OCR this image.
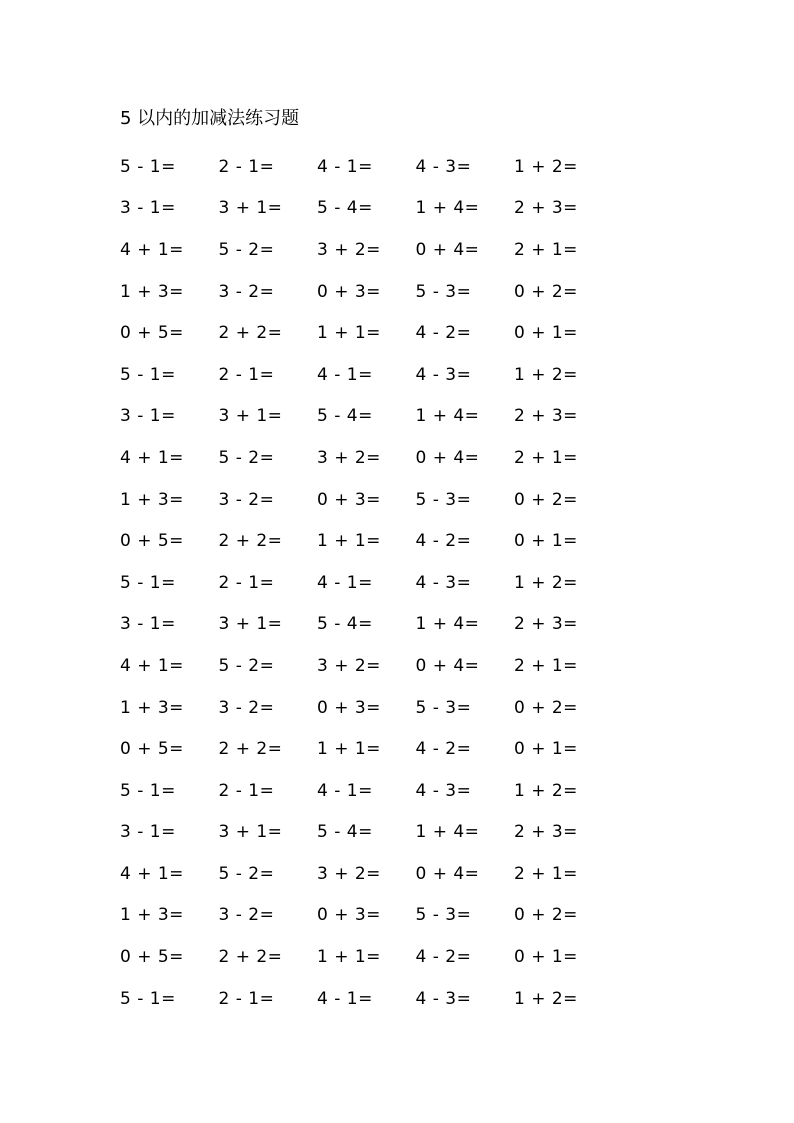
5 以内的加减法练习题
5 - 1=	2 - 1=	4 - 1=	4 - 3=	1 + 2=
3 - 1=	3 + 1=	5 - 4=	1 + 4=	2 + 3=
4 + 1=	5 - 2=	3 + 2=	0 + 4=	2 + 1=
1 + 3=	3 - 2=	0 + 3=	5 - 3=	0 + 2=
0 + 5=	2 + 2=	1 + 1=	4 - 2=	0 + 1=
5 - 1=	2 - 1=	4 - 1=	4 - 3=	1 + 2=
3 - 1=	3 + 1=	5 - 4=	1 + 4=	2 + 3=
4 + 1=	5 - 2=	3 + 2=	0 + 4=	2 + 1=
1 + 3=	3 - 2=	0 + 3=	5 - 3=	0 + 2=
0 + 5=	2 + 2=	1 + 1=	4 - 2=	0 + 1=
5 - 1=	2 - 1=	4 - 1=	4 - 3=	1 + 2=
3 - 1=	3 + 1=	5 - 4=	1 + 4=	2 + 3=
4 + 1=	5 - 2=	3 + 2=	0 + 4=	2 + 1=
1 + 3=	3 - 2=	0 + 3=	5 - 3=	0 + 2=
0 + 5=	2 + 2=	1 + 1=	4 - 2=	0 + 1=
5 - 1=	2 - 1=	4 - 1=	4 - 3=	1 + 2=
3 - 1=	3 + 1=	5 - 4=	1 + 4=	2 + 3=
4 + 1=	5 - 2=	3 + 2=	0 + 4=	2 + 1=
1 + 3=	3 - 2=	0 + 3=	5 - 3=	0 + 2=
0 + 5=	2 + 2=	1 + 1=	4 - 2=	0 + 1=
5 - 1=	2 - 1=	4 - 1=	4 - 3=	1 + 2=
